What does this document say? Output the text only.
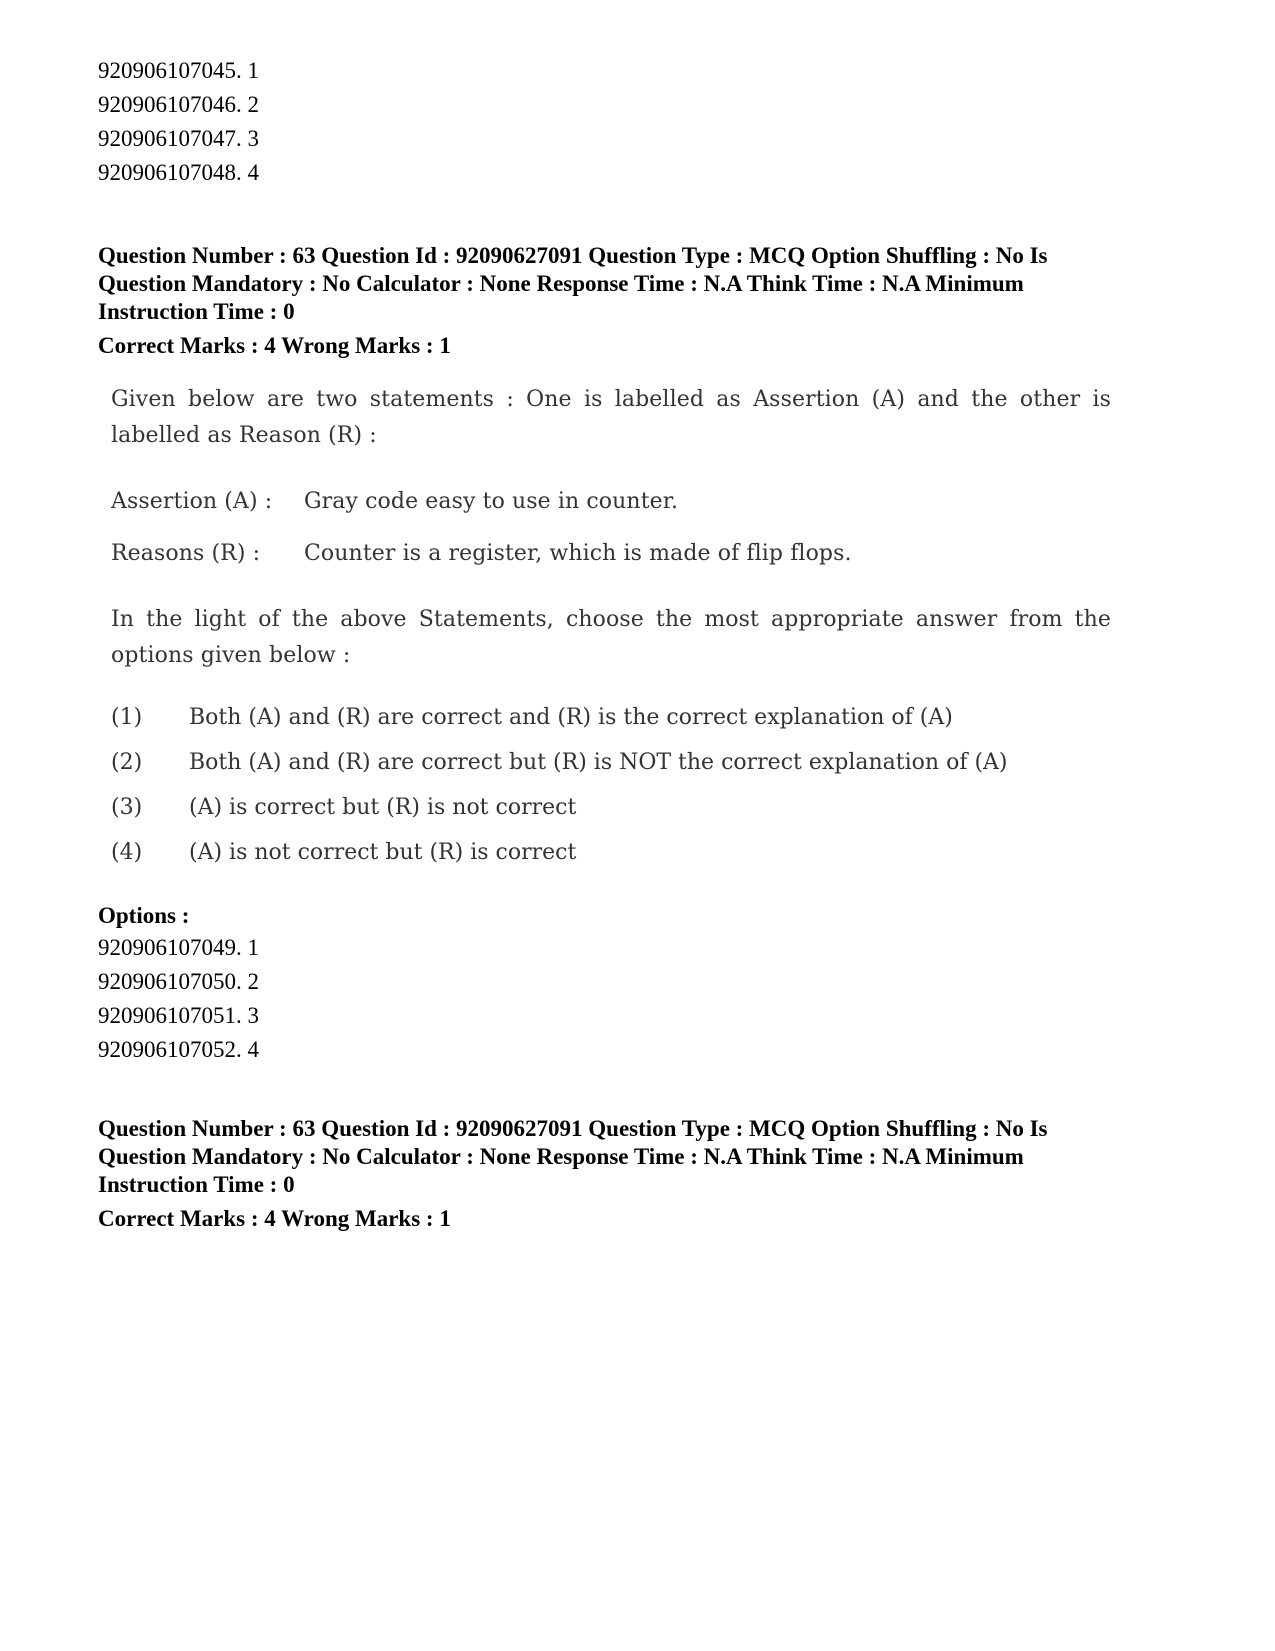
920906107045. 1
920906107046. 2
920906107047. 3
920906107048. 4
Question Number : 63 Question Id : 92090627091 Question Type : MCQ Option Shuffling : No Is
Question Mandatory : No Calculator : None Response Time : N.A Think Time : N.A Minimum
Instruction Time : 0
Correct Marks : 4 Wrong Marks : 1

Given below are two statements : One is labelled as Assertion (A) and the other is labelled as Reason (R) :

Assertion (A) :	Gray code easy to use in counter.

Reasons (R) :	Counter is a register, which is made of flip flops.

In the light of the above Statements, choose the most appropriate answer from the options given below :

(1)	Both (A) and (R) are correct and (R) is the correct explanation of (A)
(2)	Both (A) and (R) are correct but (R) is NOT the correct explanation of (A)
(3)	(A) is correct but (R) is not correct
(4)	(A) is not correct but (R) is correct
Options :
920906107049. 1
920906107050. 2
920906107051. 3
920906107052. 4
Question Number : 63 Question Id : 92090627091 Question Type : MCQ Option Shuffling : No Is
Question Mandatory : No Calculator : None Response Time : N.A Think Time : N.A Minimum
Instruction Time : 0
Correct Marks : 4 Wrong Marks : 1
